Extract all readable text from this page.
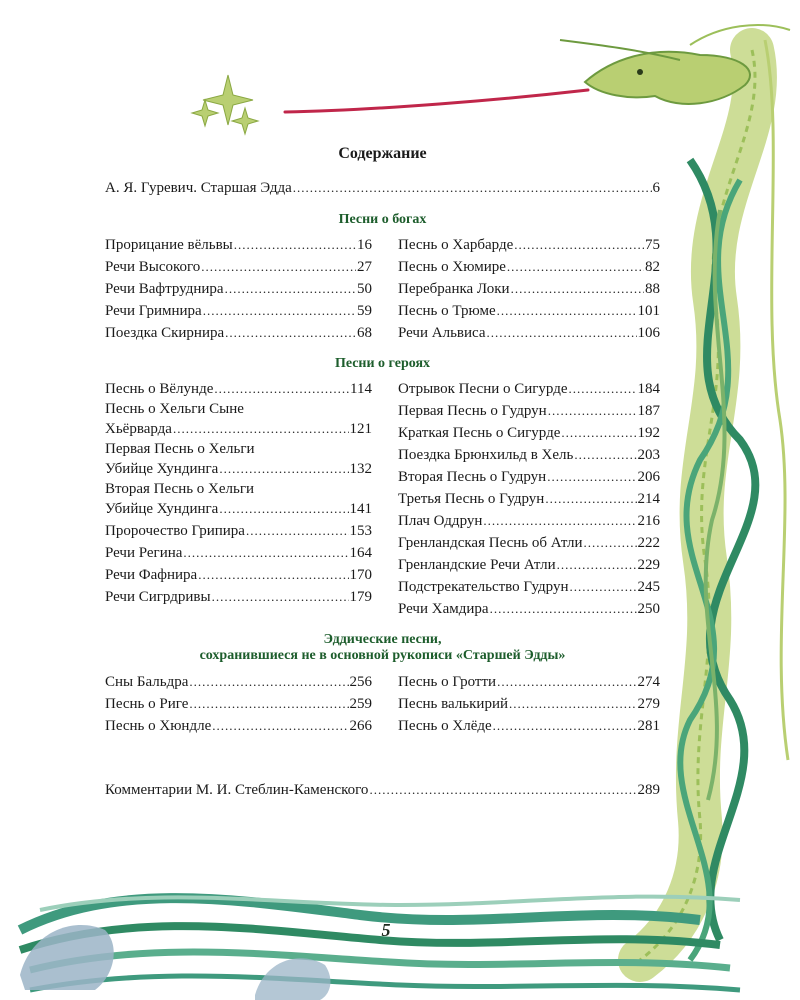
Содержание
А. Я. Гуревич. Старшая Эдда .....	6
Песни о богах
Прорицание вёльвы .....	16
Речи Высокого .....	27
Речи Вафтруднира .....	50
Речи Гримнира .....	59
Поездка Скирнира .....	68
Песнь о Харбарде .....	75
Песнь о Хюмире .....	82
Перебранка Локи .....	88
Песнь о Трюме .....	101
Речи Альвиса .....	106
Песни о героях
Песнь о Вёлунде .....	114
Песнь о Хельги Сыне
Хьёрварда .....	121
Первая Песнь о Хельги
Убийце Хундинга .....	132
Вторая Песнь о Хельги
Убийце Хундинга .....	141
Пророчество Грипира .....	153
Речи Регина .....	164
Речи Фафнира .....	170
Речи Сигрдривы .....	179
Отрывок Песни о Сигурде .....	184
Первая Песнь о Гудрун .....	187
Краткая Песнь о Сигурде .....	192
Поездка Брюнхильд в Хель .....	203
Вторая Песнь о Гудрун .....	206
Третья Песнь о Гудрун .....	214
Плач Оддрун .....	216
Гренландская Песнь об Атли .....	222
Гренландские Речи Атли .....	229
Подстрекательство Гудрун .....	245
Речи Хамдира .....	250
Эддические песни,
сохранившиеся не в основной рукописи «Старшей Эдды»
Сны Бальдра .....	256
Песнь о Риге .....	259
Песнь о Хюндле .....	266
Песнь о Гротти .....	274
Песнь валькирий .....	279
Песнь о Хлёде .....	281
Комментарии М. И. Стеблин-Каменского .....	289
5
